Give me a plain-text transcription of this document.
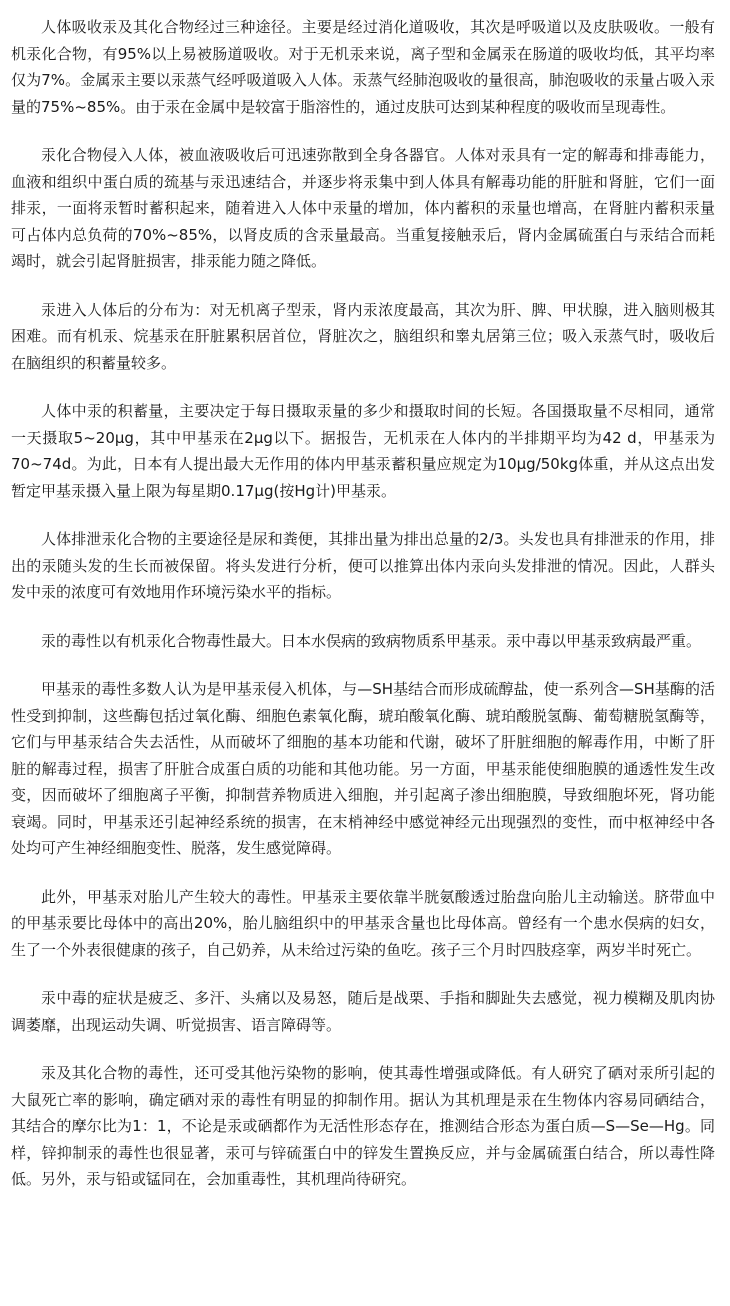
人体吸收汞及其化合物经过三种途径。主要是经过消化道吸收，其次是呼吸道以及皮肤吸收。一般有机汞化合物，有95%以上易被肠道吸收。对于无机汞来说，离子型和金属汞在肠道的吸收均低，其平均率仅为7%。金属汞主要以汞蒸气经呼吸道吸入人体。汞蒸气经肺泡吸收的量很高，肺泡吸收的汞量占吸入汞量的75%~85%。由于汞在金属中是较富于脂溶性的，通过皮肤可达到某种程度的吸收而呈现毒性。

汞化合物侵入人体，被血液吸收后可迅速弥散到全身各器官。人体对汞具有一定的解毒和排毒能力，血液和组织中蛋白质的巯基与汞迅速结合，并逐步将汞集中到人体具有解毒功能的肝脏和肾脏，它们一面排汞，一面将汞暂时蓄积起来，随着进入人体中汞量的增加，体内蓄积的汞量也增高，在肾脏内蓄积汞量可占体内总负荷的70%~85%，以肾皮质的含汞量最高。当重复接触汞后，肾内金属硫蛋白与汞结合而耗竭时，就会引起肾脏损害，排汞能力随之降低。

汞进入人体后的分布为：对无机离子型汞，肾内汞浓度最高，其次为肝、脾、甲状腺，进入脑则极其困难。而有机汞、烷基汞在肝脏累积居首位，肾脏次之，脑组织和睾丸居第三位；吸入汞蒸气时，吸收后在脑组织的积蓄量较多。

人体中汞的积蓄量，主要决定于每日摄取汞量的多少和摄取时间的长短。各国摄取量不尽相同，通常一天摄取5~20μg，其中甲基汞在2μg以下。据报告，无机汞在人体内的半排期平均为42 d，甲基汞为70~74d。为此，日本有人提出最大无作用的体内甲基汞蓄积量应规定为10μg/50kg体重，并从这点出发暂定甲基汞摄入量上限为每星期0.17μg(按Hg计)甲基汞。

人体排泄汞化合物的主要途径是尿和粪便，其排出量为排出总量的2/3。头发也具有排泄汞的作用，排出的汞随头发的生长而被保留。将头发进行分析，便可以推算出体内汞向头发排泄的情况。因此，人群头发中汞的浓度可有效地用作环境污染水平的指标。

汞的毒性以有机汞化合物毒性最大。日本水俣病的致病物质系甲基汞。汞中毒以甲基汞致病最严重。

甲基汞的毒性多数人认为是甲基汞侵入机体，与—SH基结合而形成硫醇盐，使一系列含—SH基酶的活性受到抑制，这些酶包括过氧化酶、细胞色素氧化酶，琥珀酸氧化酶、琥珀酸脱氢酶、葡萄糖脱氢酶等，它们与甲基汞结合失去活性，从而破坏了细胞的基本功能和代谢，破坏了肝脏细胞的解毒作用，中断了肝脏的解毒过程，损害了肝脏合成蛋白质的功能和其他功能。另一方面，甲基汞能使细胞膜的通透性发生改变，因而破坏了细胞离子平衡，抑制营养物质进入细胞，并引起离子渗出细胞膜，导致细胞坏死，肾功能衰竭。同时，甲基汞还引起神经系统的损害，在末梢神经中感觉神经元出现强烈的变性，而中枢神经中各处均可产生神经细胞变性、脱落，发生感觉障碍。

此外，甲基汞对胎儿产生较大的毒性。甲基汞主要依靠半胱氨酸透过胎盘向胎儿主动输送。脐带血中的甲基汞要比母体中的高出20%，胎儿脑组织中的甲基汞含量也比母体高。曾经有一个患水俣病的妇女，生了一个外表很健康的孩子，自己奶养，从未给过污染的鱼吃。孩子三个月时四肢痉挛，两岁半时死亡。

汞中毒的症状是疲乏、多汗、头痛以及易怒，随后是战栗、手指和脚趾失去感觉，视力模糊及肌肉协调萎靡，出现运动失调、听觉损害、语言障碍等。

汞及其化合物的毒性，还可受其他污染物的影响，使其毒性增强或降低。有人研究了硒对汞所引起的大鼠死亡率的影响，确定硒对汞的毒性有明显的抑制作用。据认为其机理是汞在生物体内容易同硒结合，其结合的摩尔比为1：1，不论是汞或硒都作为无活性形态存在，推测结合形态为蛋白质—S—Se—Hg。同样，锌抑制汞的毒性也很显著，汞可与锌硫蛋白中的锌发生置换反应，并与金属硫蛋白结合，所以毒性降低。另外，汞与铅或锰同在，会加重毒性，其机理尚待研究。
